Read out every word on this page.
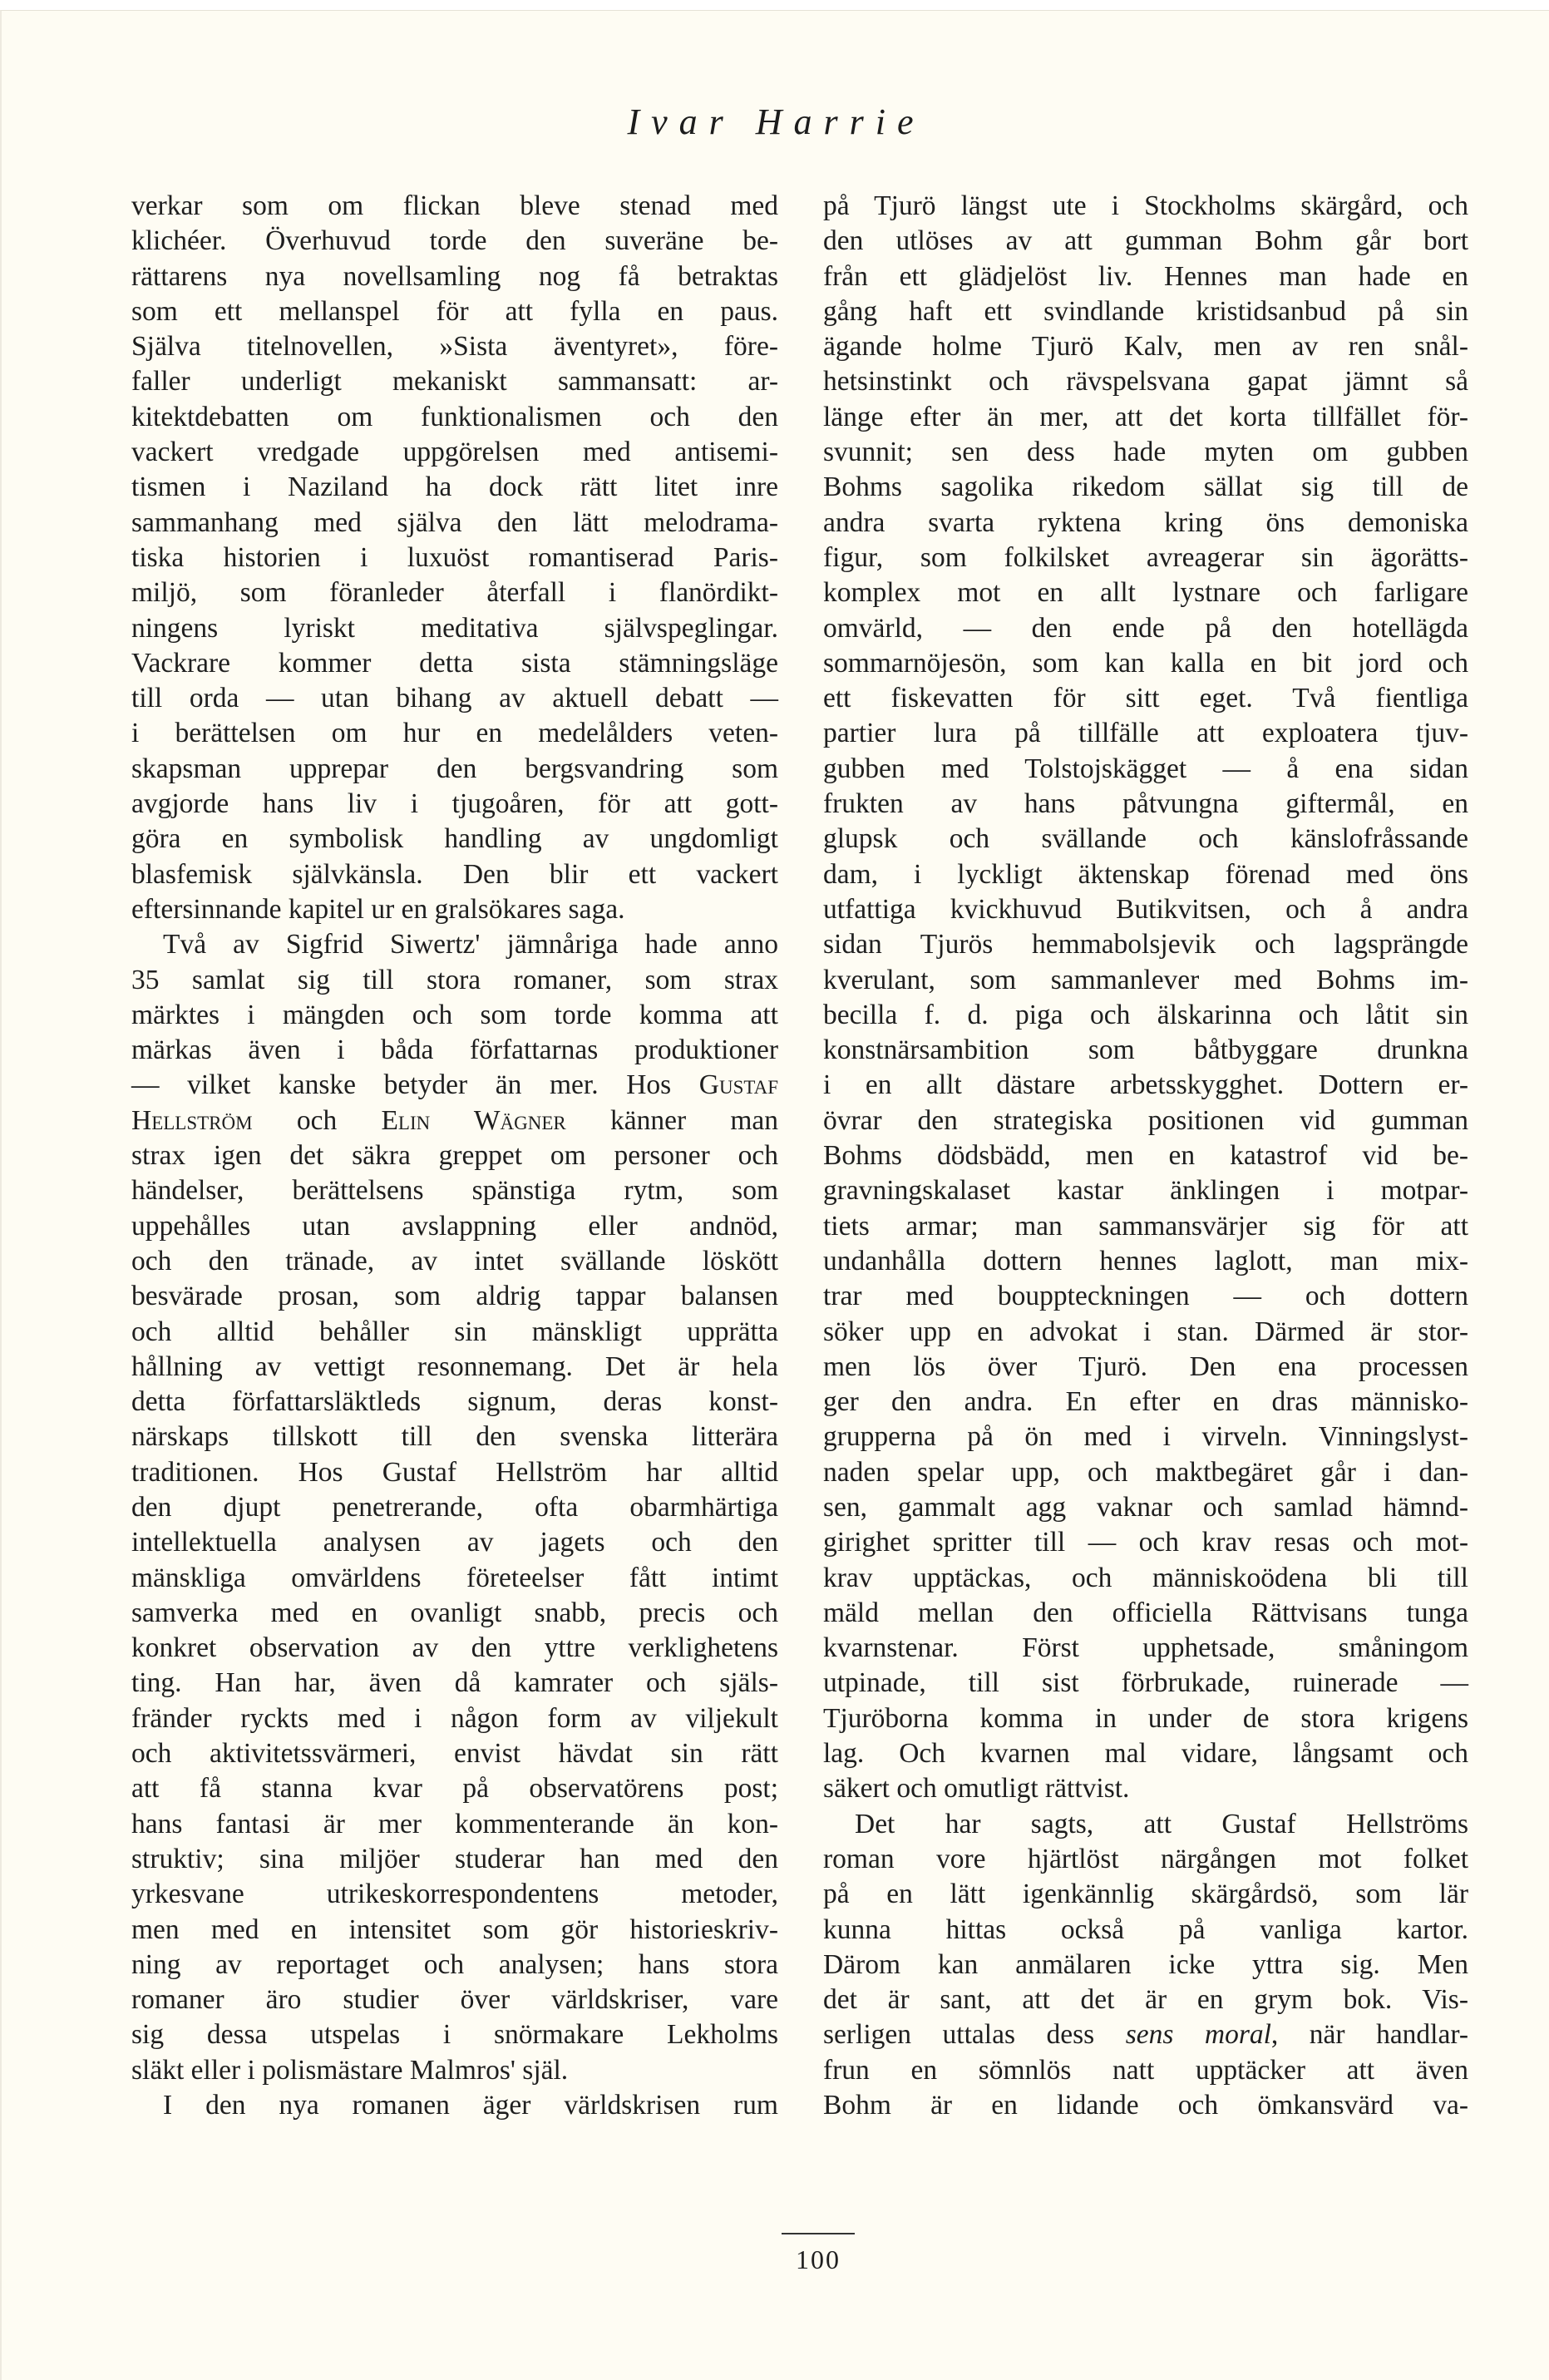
Ivar Harrie
verkar som om flickan bleve stenad med
klichéer. Överhuvud torde den suveräne be-
rättarens nya novellsamling nog få betraktas
som ett mellanspel för att fylla en paus.
Själva titelnovellen, »Sista äventyret», före-
faller underligt mekaniskt sammansatt: ar-
kitektdebatten om funktionalismen och den
vackert vredgade uppgörelsen med antisemi-
tismen i Naziland ha dock rätt litet inre
sammanhang med själva den lätt melodrama-
tiska historien i luxuöst romantiserad Paris-
miljö, som föranleder återfall i flanördikt-
ningens lyriskt meditativa självspeglingar.
Vackrare kommer detta sista stämningsläge
till orda — utan bihang av aktuell debatt —
i berättelsen om hur en medelålders veten-
skapsman upprepar den bergsvandring som
avgjorde hans liv i tjugoåren, för att gott-
göra en symbolisk handling av ungdomligt
blasfemisk självkänsla. Den blir ett vackert
eftersinnande kapitel ur en gralsökares saga.
Två av Sigfrid Siwertz' jämnåriga hade anno
35 samlat sig till stora romaner, som strax
märktes i mängden och som torde komma att
märkas även i båda författarnas produktioner
— vilket kanske betyder än mer. Hos Gustaf
Hellström och Elin Wägner känner man
strax igen det säkra greppet om personer och
händelser, berättelsens spänstiga rytm, som
uppehålles utan avslappning eller andnöd,
och den tränade, av intet svällande löskött
besvärade prosan, som aldrig tappar balansen
och alltid behåller sin mänskligt upprätta
hållning av vettigt resonnemang. Det är hela
detta författarsläktleds signum, deras konst-
närskaps tillskott till den svenska litterära
traditionen. Hos Gustaf Hellström har alltid
den djupt penetrerande, ofta obarmhärtiga
intellektuella analysen av jagets och den
mänskliga omvärldens företeelser fått intimt
samverka med en ovanligt snabb, precis och
konkret observation av den yttre verklighetens
ting. Han har, även då kamrater och själs-
fränder ryckts med i någon form av viljekult
och aktivitetssvärmeri, envist hävdat sin rätt
att få stanna kvar på observatörens post;
hans fantasi är mer kommenterande än kon-
struktiv; sina miljöer studerar han med den
yrkesvane utrikeskorrespondentens metoder,
men med en intensitet som gör historieskriv-
ning av reportaget och analysen; hans stora
romaner äro studier över världskriser, vare
sig dessa utspelas i snörmakare Lekholms
släkt eller i polismästare Malmros' själ.
I den nya romanen äger världskrisen rum
på Tjurö längst ute i Stockholms skärgård, och
den utlöses av att gumman Bohm går bort
från ett glädjelöst liv. Hennes man hade en
gång haft ett svindlande kristidsanbud på sin
ägande holme Tjurö Kalv, men av ren snål-
hetsinstinkt och rävspelsvana gapat jämnt så
länge efter än mer, att det korta tillfället för-
svunnit; sen dess hade myten om gubben
Bohms sagolika rikedom sällat sig till de
andra svarta ryktena kring öns demoniska
figur, som folkilsket avreagerar sin ägorätts-
komplex mot en allt lystnare och farligare
omvärld, — den ende på den hotellägda
sommarnöjesön, som kan kalla en bit jord och
ett fiskevatten för sitt eget. Två fientliga
partier lura på tillfälle att exploatera tjuv-
gubben med Tolstojskägget — å ena sidan
frukten av hans påtvungna giftermål, en
glupsk och svällande och känslofråssande
dam, i lyckligt äktenskap förenad med öns
utfattiga kvickhuvud Butikvitsen, och å andra
sidan Tjurös hemmabolsjevik och lagsprängde
kverulant, som sammanlever med Bohms im-
becilla f. d. piga och älskarinna och låtit sin
konstnärsambition som båtbyggare drunkna
i en allt dästare arbetsskygghet. Dottern er-
övrar den strategiska positionen vid gumman
Bohms dödsbädd, men en katastrof vid be-
gravningskalaset kastar änklingen i motpar-
tiets armar; man sammansvärjer sig för att
undanhålla dottern hennes laglott, man mix-
trar med bouppteckningen — och dottern
söker upp en advokat i stan. Därmed är stor-
men lös över Tjurö. Den ena processen
ger den andra. En efter en dras människo-
grupperna på ön med i virveln. Vinningslyst-
naden spelar upp, och maktbegäret går i dan-
sen, gammalt agg vaknar och samlad hämnd-
girighet spritter till — och krav resas och mot-
krav upptäckas, och människoödena bli till
mäld mellan den officiella Rättvisans tunga
kvarnstenar. Först upphetsade, småningom
utpinade, till sist förbrukade, ruinerade —
Tjuröborna komma in under de stora krigens
lag. Och kvarnen mal vidare, långsamt och
säkert och omutligt rättvist.
Det har sagts, att Gustaf Hellströms
roman vore hjärtlöst närgången mot folket
på en lätt igenkännlig skärgårdsö, som lär
kunna hittas också på vanliga kartor.
Därom kan anmälaren icke yttra sig. Men
det är sant, att det är en grym bok. Vis-
serligen uttalas dess sens moral, när handlar-
frun en sömnlös natt upptäcker att även
Bohm är en lidande och ömkansvärd va-
100
